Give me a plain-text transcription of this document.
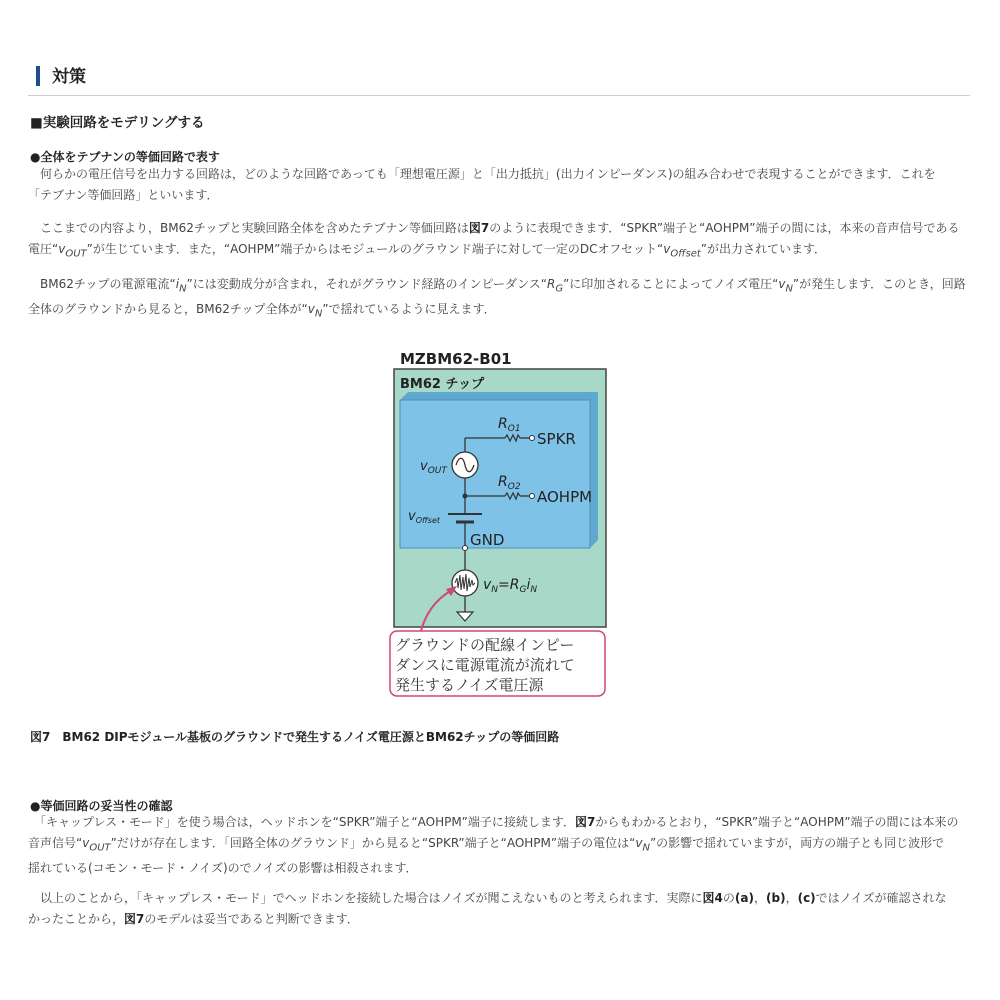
対策
■実験回路をモデリングする
●全体をテブナンの等価回路で表す

　何らかの電圧信号を出力する回路は，どのような回路であっても「理想電圧源」と「出力抵抗」(出力インピーダンス)の組み合わせで表現することができます．これを

「テブナン等価回路」といいます．

　ここまでの内容より，BM62チップと実験回路全体を含めたテブナン等価回路は図7のように表現できます．“SPKR”端子と“AOHPM”端子の間には，本来の音声信号である

電圧“$v_{OUT}$”が生じています．また，“AOHPM”端子からはモジュールのグラウンド端子に対して一定のDCオフセット“$v_{Offset}$”が出力されています．

　BM62チップの電源電流“$i_N$”には変動成分が含まれ，それがグラウンド経路のインピーダンス“$R_G$”に印加されることによってノイズ電圧“$v_N$”が発生します．このとき，回路

全体のグラウンドから見ると，BM62チップ全体が“$v_N$”で揺れているように見えます．

MZBM62-B01
BM62 チップ
$R_{O1}$
$R_{O2}$
SPKR
AOHPM
$v_{OUT}$
$v_{Offset}$
GND
$v_N=R_Gi_N$
グラウンドの配線インピー
ダンスに電源電流が流れて
発生するノイズ電圧源
図7　BM62 DIPモジュール基板のグラウンドで発生するノイズ電圧源とBM62チップの等価回路
●等価回路の妥当性の確認

　「キャップレス・モード」を使う場合は，ヘッドホンを“SPKR”端子と“AOHPM”端子に接続します．図7からもわかるとおり，“SPKR”端子と“AOHPM”端子の間には本来の

音声信号“$v_{OUT}$”だけが存在します．「回路全体のグラウンド」から見ると“SPKR”端子と“AOHPM”端子の電位は“$v_N$”の影響で揺れていますが，両方の端子とも同じ波形で

揺れている(コモン・モード・ノイズ)のでノイズの影響は相殺されます．

　以上のことから，「キャップレス・モード」でヘッドホンを接続した場合はノイズが聞こえないものと考えられます．実際に図4の(a)，(b)，(c)ではノイズが確認されな

かったことから，図7のモデルは妥当であると判断できます．
